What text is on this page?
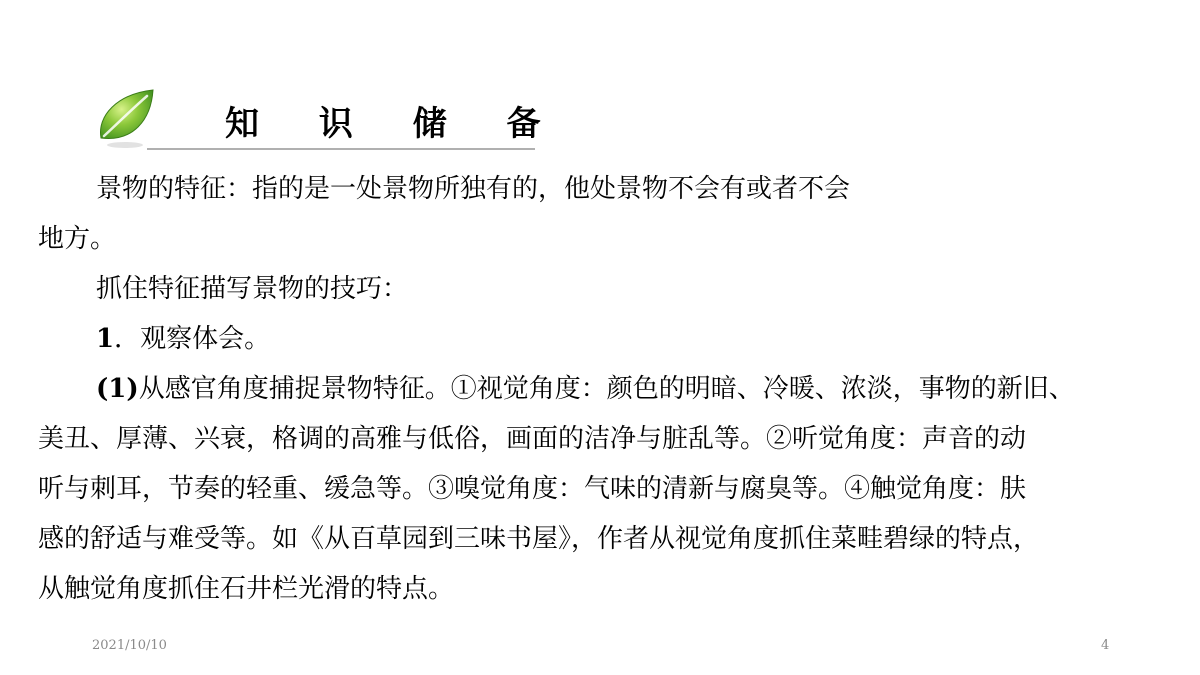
知 识 储 备
景物的特征：指的是一处景物所独有的，他处景物不会有或者不会
地方。
抓住特征描写景物的技巧：
1．观察体会。
(1)从感官角度捕捉景物特征。①视觉角度：颜色的明暗、冷暖、浓淡，事物的新旧、
美丑、厚薄、兴衰，格调的高雅与低俗，画面的洁净与脏乱等。②听觉角度：声音的动
听与刺耳，节奏的轻重、缓急等。③嗅觉角度：气味的清新与腐臭等。④触觉角度：肤
感的舒适与难受等。如《从百草园到三味书屋》，作者从视觉角度抓住菜畦碧绿的特点，
从触觉角度抓住石井栏光滑的特点。
2021/10/10	4
